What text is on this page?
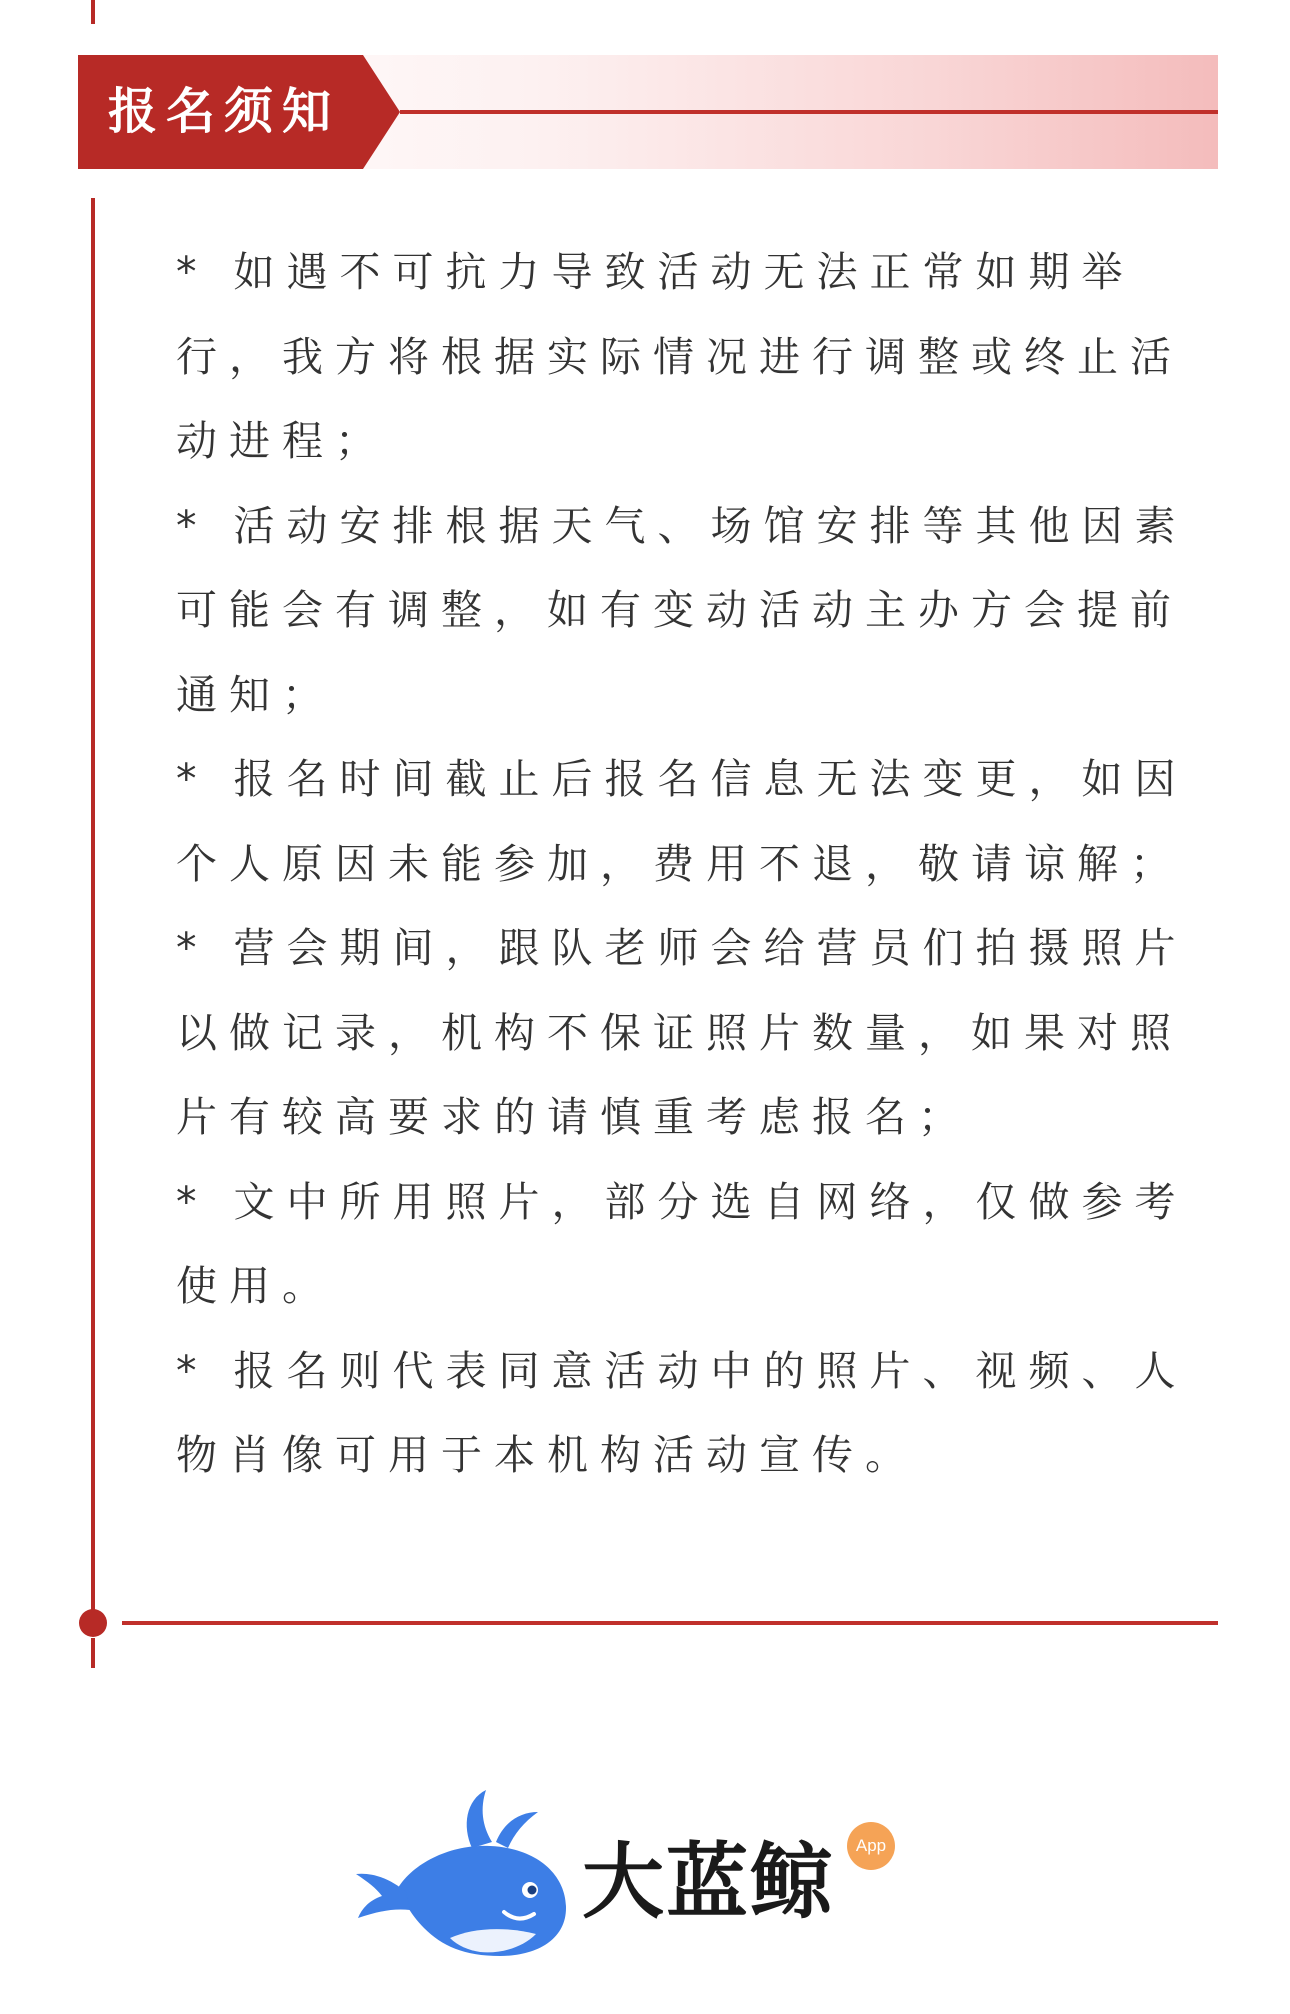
报名须知
* 如遇不可抗力导致活动无法正常如期举行，我方将根据实际情况进行调整或终止活动进程；
* 活动安排根据天气、场馆安排等其他因素可能会有调整，如有变动活动主办方会提前通知；
* 报名时间截止后报名信息无法变更，如因个人原因未能参加，费用不退，敬请谅解；
* 营会期间，跟队老师会给营员们拍摄照片以做记录，机构不保证照片数量，如果对照片有较高要求的请慎重考虑报名；
* 文中所用照片，部分选自网络，仅做参考使用。
* 报名则代表同意活动中的照片、视频、人物肖像可用于本机构活动宣传。
大蓝鲸	App
